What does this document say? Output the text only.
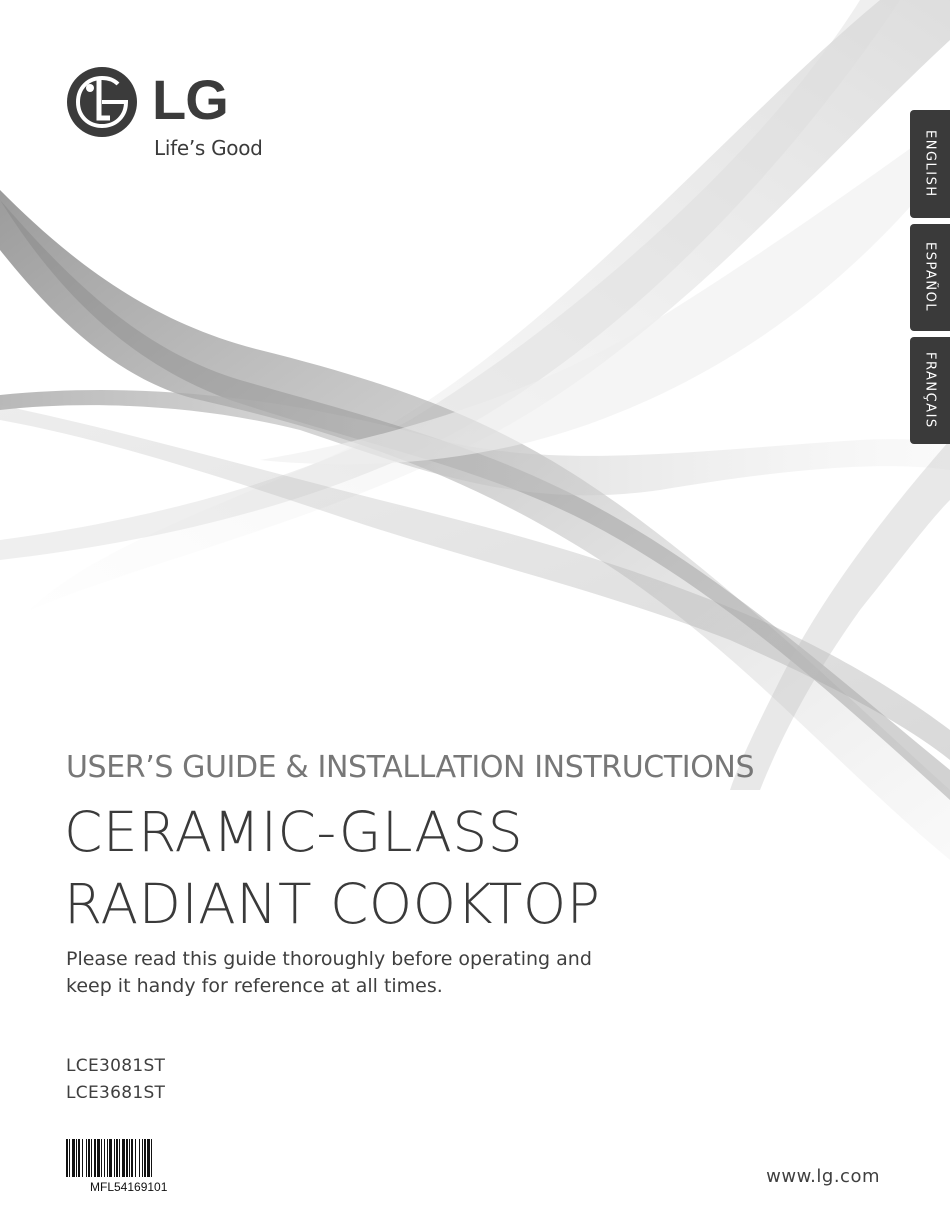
LG
Life’s Good	ENGLISH
ESPAÑOL
FRANÇAIS
USER’S GUIDE & INSTALLATION INSTRUCTIONS
CERAMIC-GLASS
RADIANT COOKTOP
Please read this guide thoroughly before operating and
keep it handy for reference at all times.
LCE3081ST
LCE3681ST
MFL54169101	www.lg.com
